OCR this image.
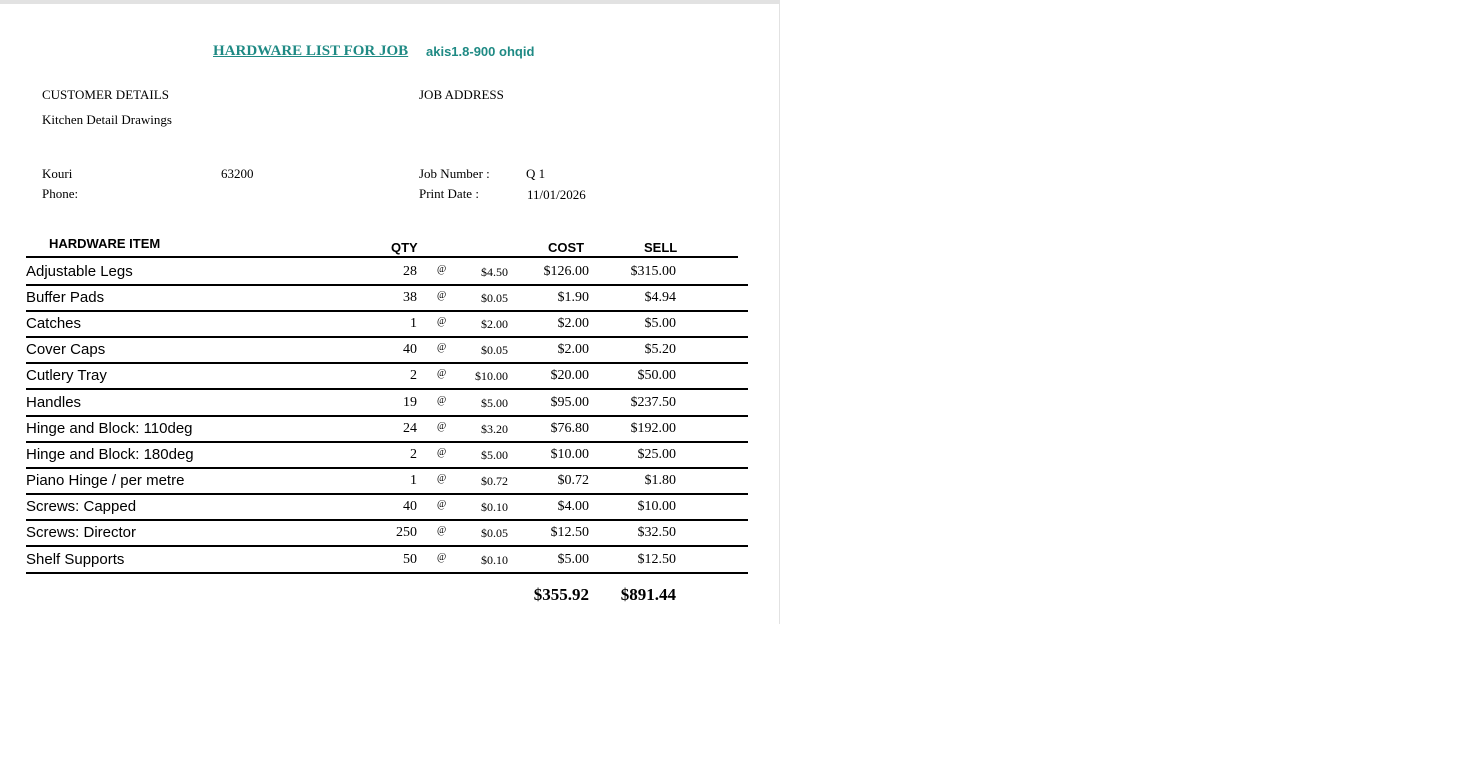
HARDWARE LIST FOR JOB akis1.8-900 ohqid
CUSTOMER DETAILS	JOB ADDRESS
Kitchen Detail Drawings
Kouri	63200
Phone:
Job Number :	Q 1
Print Date :	11/01/2026
HARDWARE ITEM	QTY	COST	SELL
Adjustable Legs	28 @	$4.50	$126.00	$315.00
Buffer Pads	38 @	$0.05	$1.90	$4.94
Catches	1 @	$2.00	$2.00	$5.00
Cover Caps	40 @	$0.05	$2.00	$5.20
Cutlery Tray	2 @ $10.00	$20.00	$50.00
Handles	19 @	$5.00	$95.00	$237.50
Hinge and Block: 110deg	24 @	$3.20	$76.80	$192.00
Hinge and Block: 180deg	2 @	$5.00	$10.00	$25.00
Piano Hinge / per metre	1 @	$0.72	$0.72	$1.80
Screws: Capped	40 @	$0.10	$4.00	$10.00
Screws: Director	250 @	$0.05	$12.50	$32.50
Shelf Supports	50 @	$0.10	$5.00	$12.50
$355.92 $891.44
